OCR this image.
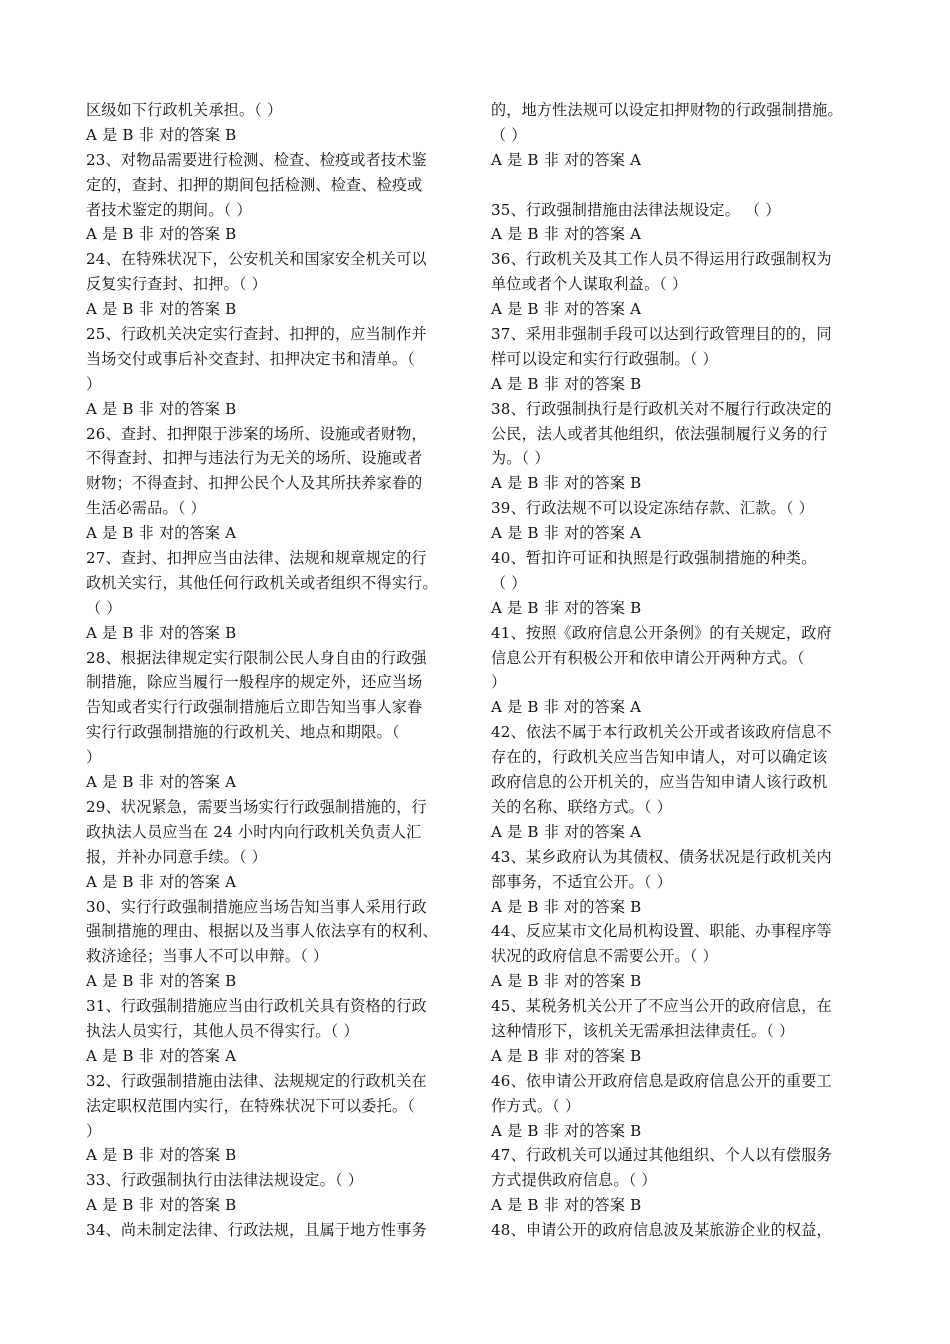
区级如下行政机关承担。（ ）
A 是 B 非 对的答案 B
23、对物品需要进行检测、检查、检疫或者技术鉴
定的，查封、扣押的期间包括检测、检查、检疫或
者技术鉴定的期间。（ ）
A 是 B 非 对的答案 B
24、在特殊状况下，公安机关和国家安全机关可以
反复实行查封、扣押。（ ）
A 是 B 非 对的答案 B
25、行政机关决定实行查封、扣押的，应当制作并
当场交付或事后补交查封、扣押决定书和清单。（
）
A 是 B 非 对的答案 B
26、查封、扣押限于涉案的场所、设施或者财物，
不得查封、扣押与违法行为无关的场所、设施或者
财物；不得查封、扣押公民个人及其所扶养家眷的
生活必需品。（ ）
A 是 B 非 对的答案 A
27、查封、扣押应当由法律、法规和规章规定的行
政机关实行，其他任何行政机关或者组织不得实行。
（ ）
A 是 B 非 对的答案 B
28、根据法律规定实行限制公民人身自由的行政强
制措施，除应当履行一般程序的规定外，还应当场
告知或者实行行政强制措施后立即告知当事人家眷
实行行政强制措施的行政机关、地点和期限。（
）
A 是 B 非 对的答案 A
29、状况紧急，需要当场实行行政强制措施的，行
政执法人员应当在 24 小时内向行政机关负责人汇
报，并补办同意手续。（ ）
A 是 B 非 对的答案 A
30、实行行政强制措施应当场告知当事人采用行政
强制措施的理由、根据以及当事人依法享有的权利、
救济途径；当事人不可以申辩。（ ）
A 是 B 非 对的答案 B
31、行政强制措施应当由行政机关具有资格的行政
执法人员实行，其他人员不得实行。（ ）
A 是 B 非 对的答案 A
32、行政强制措施由法律、法规规定的行政机关在
法定职权范围内实行，在特殊状况下可以委托。（
）
A 是 B 非 对的答案 B
33、行政强制执行由法律法规设定。（ ）
A 是 B 非 对的答案 B
34、尚未制定法律、行政法规，且属于地方性事务
的，地方性法规可以设定扣押财物的行政强制措施。
（ ）
A 是 B 非 对的答案 A
35、行政强制措施由法律法规设定。 （ ）
A 是 B 非 对的答案 A
36、行政机关及其工作人员不得运用行政强制权为
单位或者个人谋取利益。（ ）
A 是 B 非 对的答案 A
37、采用非强制手段可以达到行政管理目的的，同
样可以设定和实行行政强制。（ ）
A 是 B 非 对的答案 B
38、行政强制执行是行政机关对不履行行政决定的
公民，法人或者其他组织，依法强制履行义务的行
为。（ ）
A 是 B 非 对的答案 B
39、行政法规不可以设定冻结存款、汇款。（ ）
A 是 B 非 对的答案 A
40、暂扣许可证和执照是行政强制措施的种类。
（ ）
A 是 B 非 对的答案 B
41、按照《政府信息公开条例》的有关规定，政府
信息公开有积极公开和依申请公开两种方式。（
）
A 是 B 非 对的答案 A
42、依法不属于本行政机关公开或者该政府信息不
存在的，行政机关应当告知申请人，对可以确定该
政府信息的公开机关的，应当告知申请人该行政机
关的名称、联络方式。（ ）
A 是 B 非 对的答案 A
43、某乡政府认为其债权、债务状况是行政机关内
部事务，不适宜公开。（ ）
A 是 B 非 对的答案 B
44、反应某市文化局机构设置、职能、办事程序等
状况的政府信息不需要公开。（ ）
A 是 B 非 对的答案 B
45、某税务机关公开了不应当公开的政府信息，在
这种情形下，该机关无需承担法律责任。（ ）
A 是 B 非 对的答案 B
46、依申请公开政府信息是政府信息公开的重要工
作方式。（ ）
A 是 B 非 对的答案 B
47、行政机关可以通过其他组织、个人以有偿服务
方式提供政府信息。（ ）
A 是 B 非 对的答案 B
48、申请公开的政府信息波及某旅游企业的权益，
